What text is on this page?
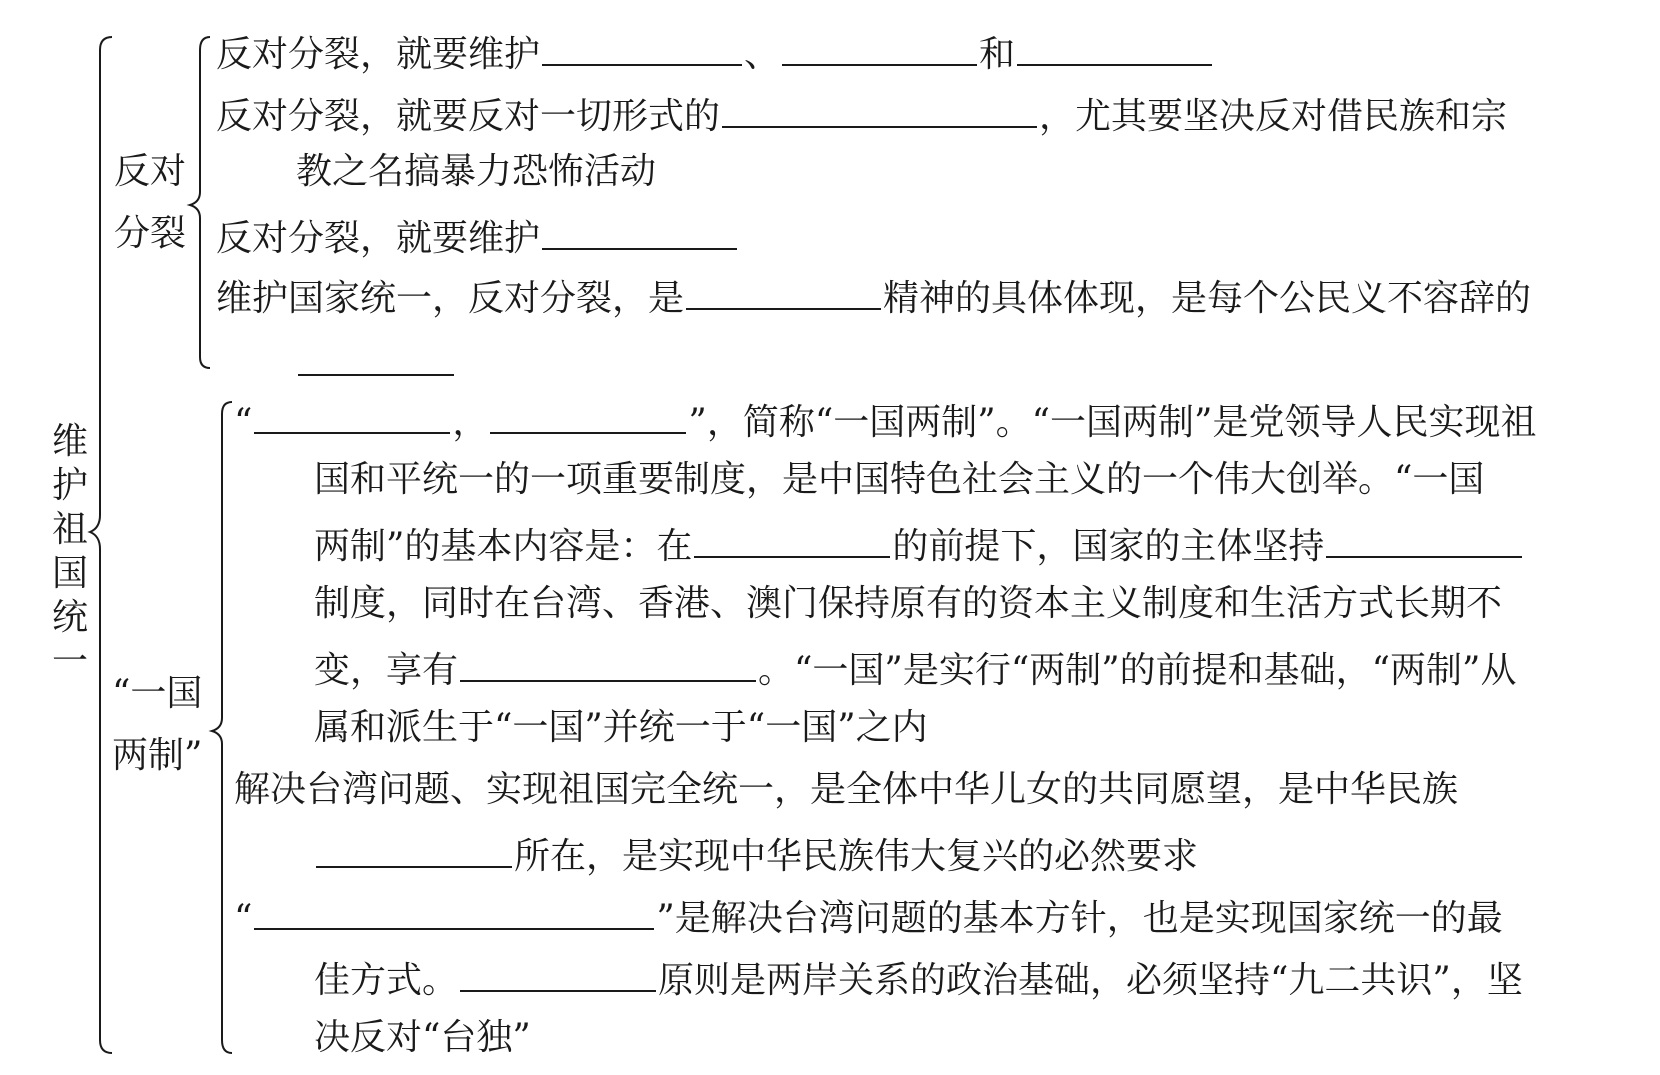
维护祖国统一
反对
分裂
反对分裂，就要维护	、	和
反对分裂，就要反对一切形式的	，尤其要坚决反对借民族和宗
教之名搞暴力恐怖活动
反对分裂，就要维护
维护国家统一，反对分裂，是	精神的具体体现，是每个公民义不容辞的
“一国
两制”
“	，	”，简称“一国两制”。“一国两制”是党领导人民实现祖
国和平统一的一项重要制度，是中国特色社会主义的一个伟大创举。“一国
两制”的基本内容是：在	的前提下，国家的主体坚持
制度，同时在台湾、香港、澳门保持原有的资本主义制度和生活方式长期不
变，享有	。“一国”是实行“两制”的前提和基础，“两制”从
属和派生于“一国”并统一于“一国”之内
解决台湾问题、实现祖国完全统一，是全体中华儿女的共同愿望，是中华民族
所在，是实现中华民族伟大复兴的必然要求
“	”是解决台湾问题的基本方针，也是实现国家统一的最
佳方式。	原则是两岸关系的政治基础，必须坚持“九二共识”，坚
决反对“台独”
